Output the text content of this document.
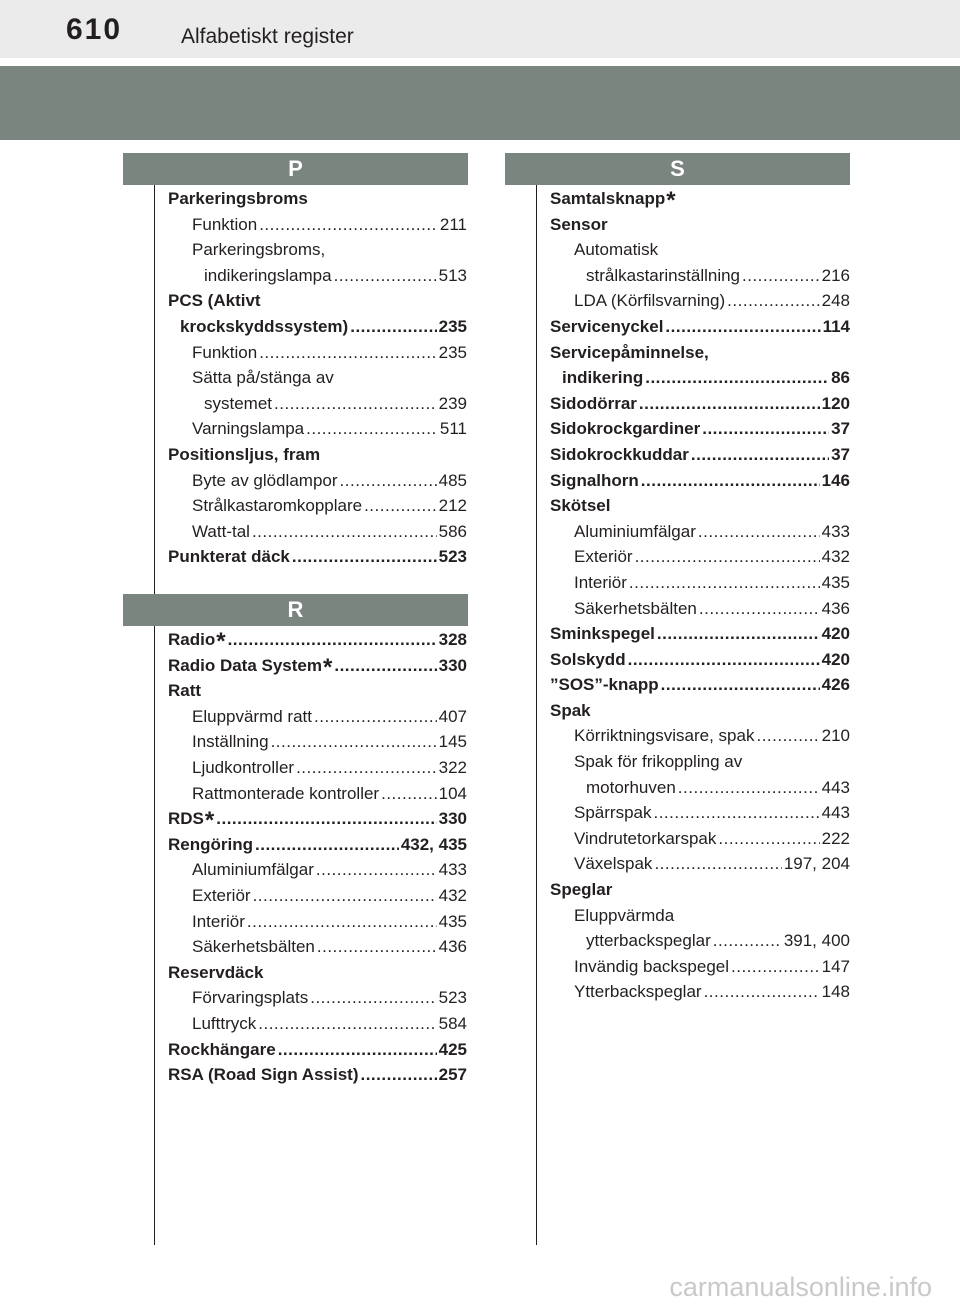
610	Alfabetiskt register
P
Parkeringsbroms
Funktion .....	211
Parkeringsbroms,
indikeringslampa .....	513
PCS (Aktivt
krockskyddssystem) .....	235
Funktion .....	235
Sätta på/stänga av
systemet .....	239
Varningslampa .....	511
Positionsljus, fram
Byte av glödlampor .....	485
Strålkastaromkopplare .....	212
Watt-tal .....	586
Punkterat däck .....	523
R
Radio* .....	328
Radio Data System* .....	330
Ratt
Eluppvärmd ratt .....	407
Inställning .....	145
Ljudkontroller .....	322
Rattmonterade kontroller .....	104
RDS* .....	330
Rengöring .....	432, 435
Aluminiumfälgar .....	433
Exteriör .....	432
Interiör .....	435
Säkerhetsbälten .....	436
Reservdäck
Förvaringsplats .....	523
Lufttryck .....	584
Rockhängare .....	425
RSA (Road Sign Assist) .....	257
S
Samtalsknapp*
Sensor
Automatisk
strålkastarinställning .....	216
LDA (Körfilsvarning) .....	248
Servicenyckel .....	114
Servicepåminnelse,
indikering .....	86
Sidodörrar .....	120
Sidokrockgardiner .....	37
Sidokrockkuddar .....	37
Signalhorn .....	146
Skötsel
Aluminiumfälgar .....	433
Exteriör .....	432
Interiör .....	435
Säkerhetsbälten .....	436
Sminkspegel .....	420
Solskydd .....	420
”SOS”-knapp .....	426
Spak
Körriktningsvisare, spak .....	210
Spak för frikoppling av
motorhuven .....	443
Spärrspak .....	443
Vindrutetorkarspak .....	222
Växelspak .....	197, 204
Speglar
Eluppvärmda
ytterbackspeglar .....	391, 400
Invändig backspegel .....	147
Ytterbackspeglar .....	148
carmanualsonline.info
